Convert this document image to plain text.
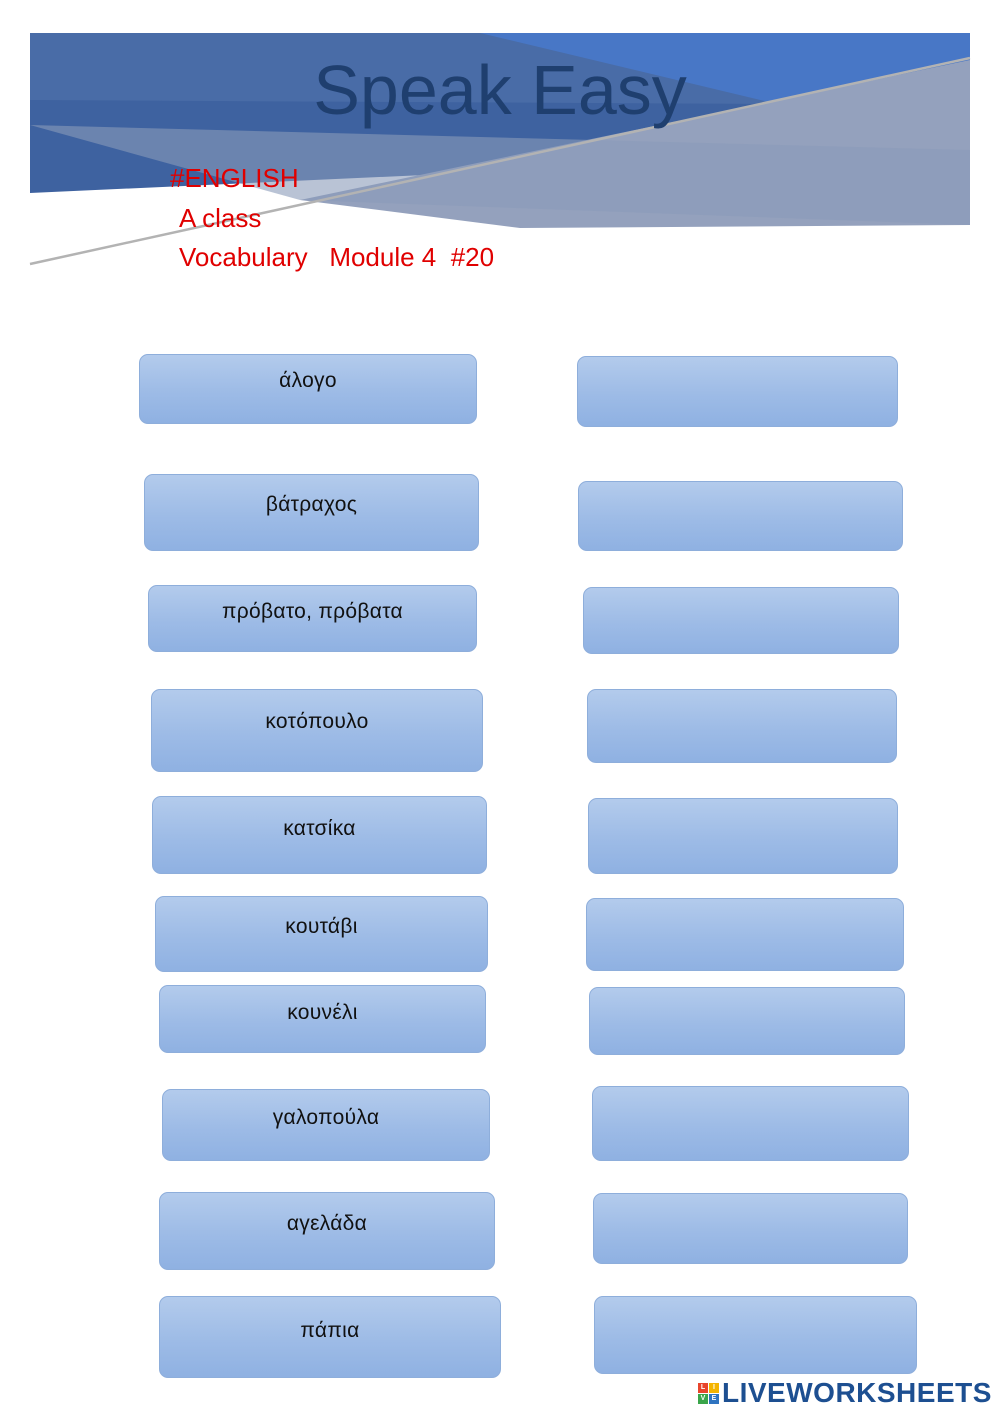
Speak Easy
#ENGLISH
A class
Vocabulary   Module 4  #20
άλογο
βάτραχος
πρόβατο, πρόβατα
κοτόπουλο
κατσίκα
κουτάβι
κουνέλι
γαλοπούλα
αγελάδα
πάπια
L	I
V E LIVEWORKSHEETS
